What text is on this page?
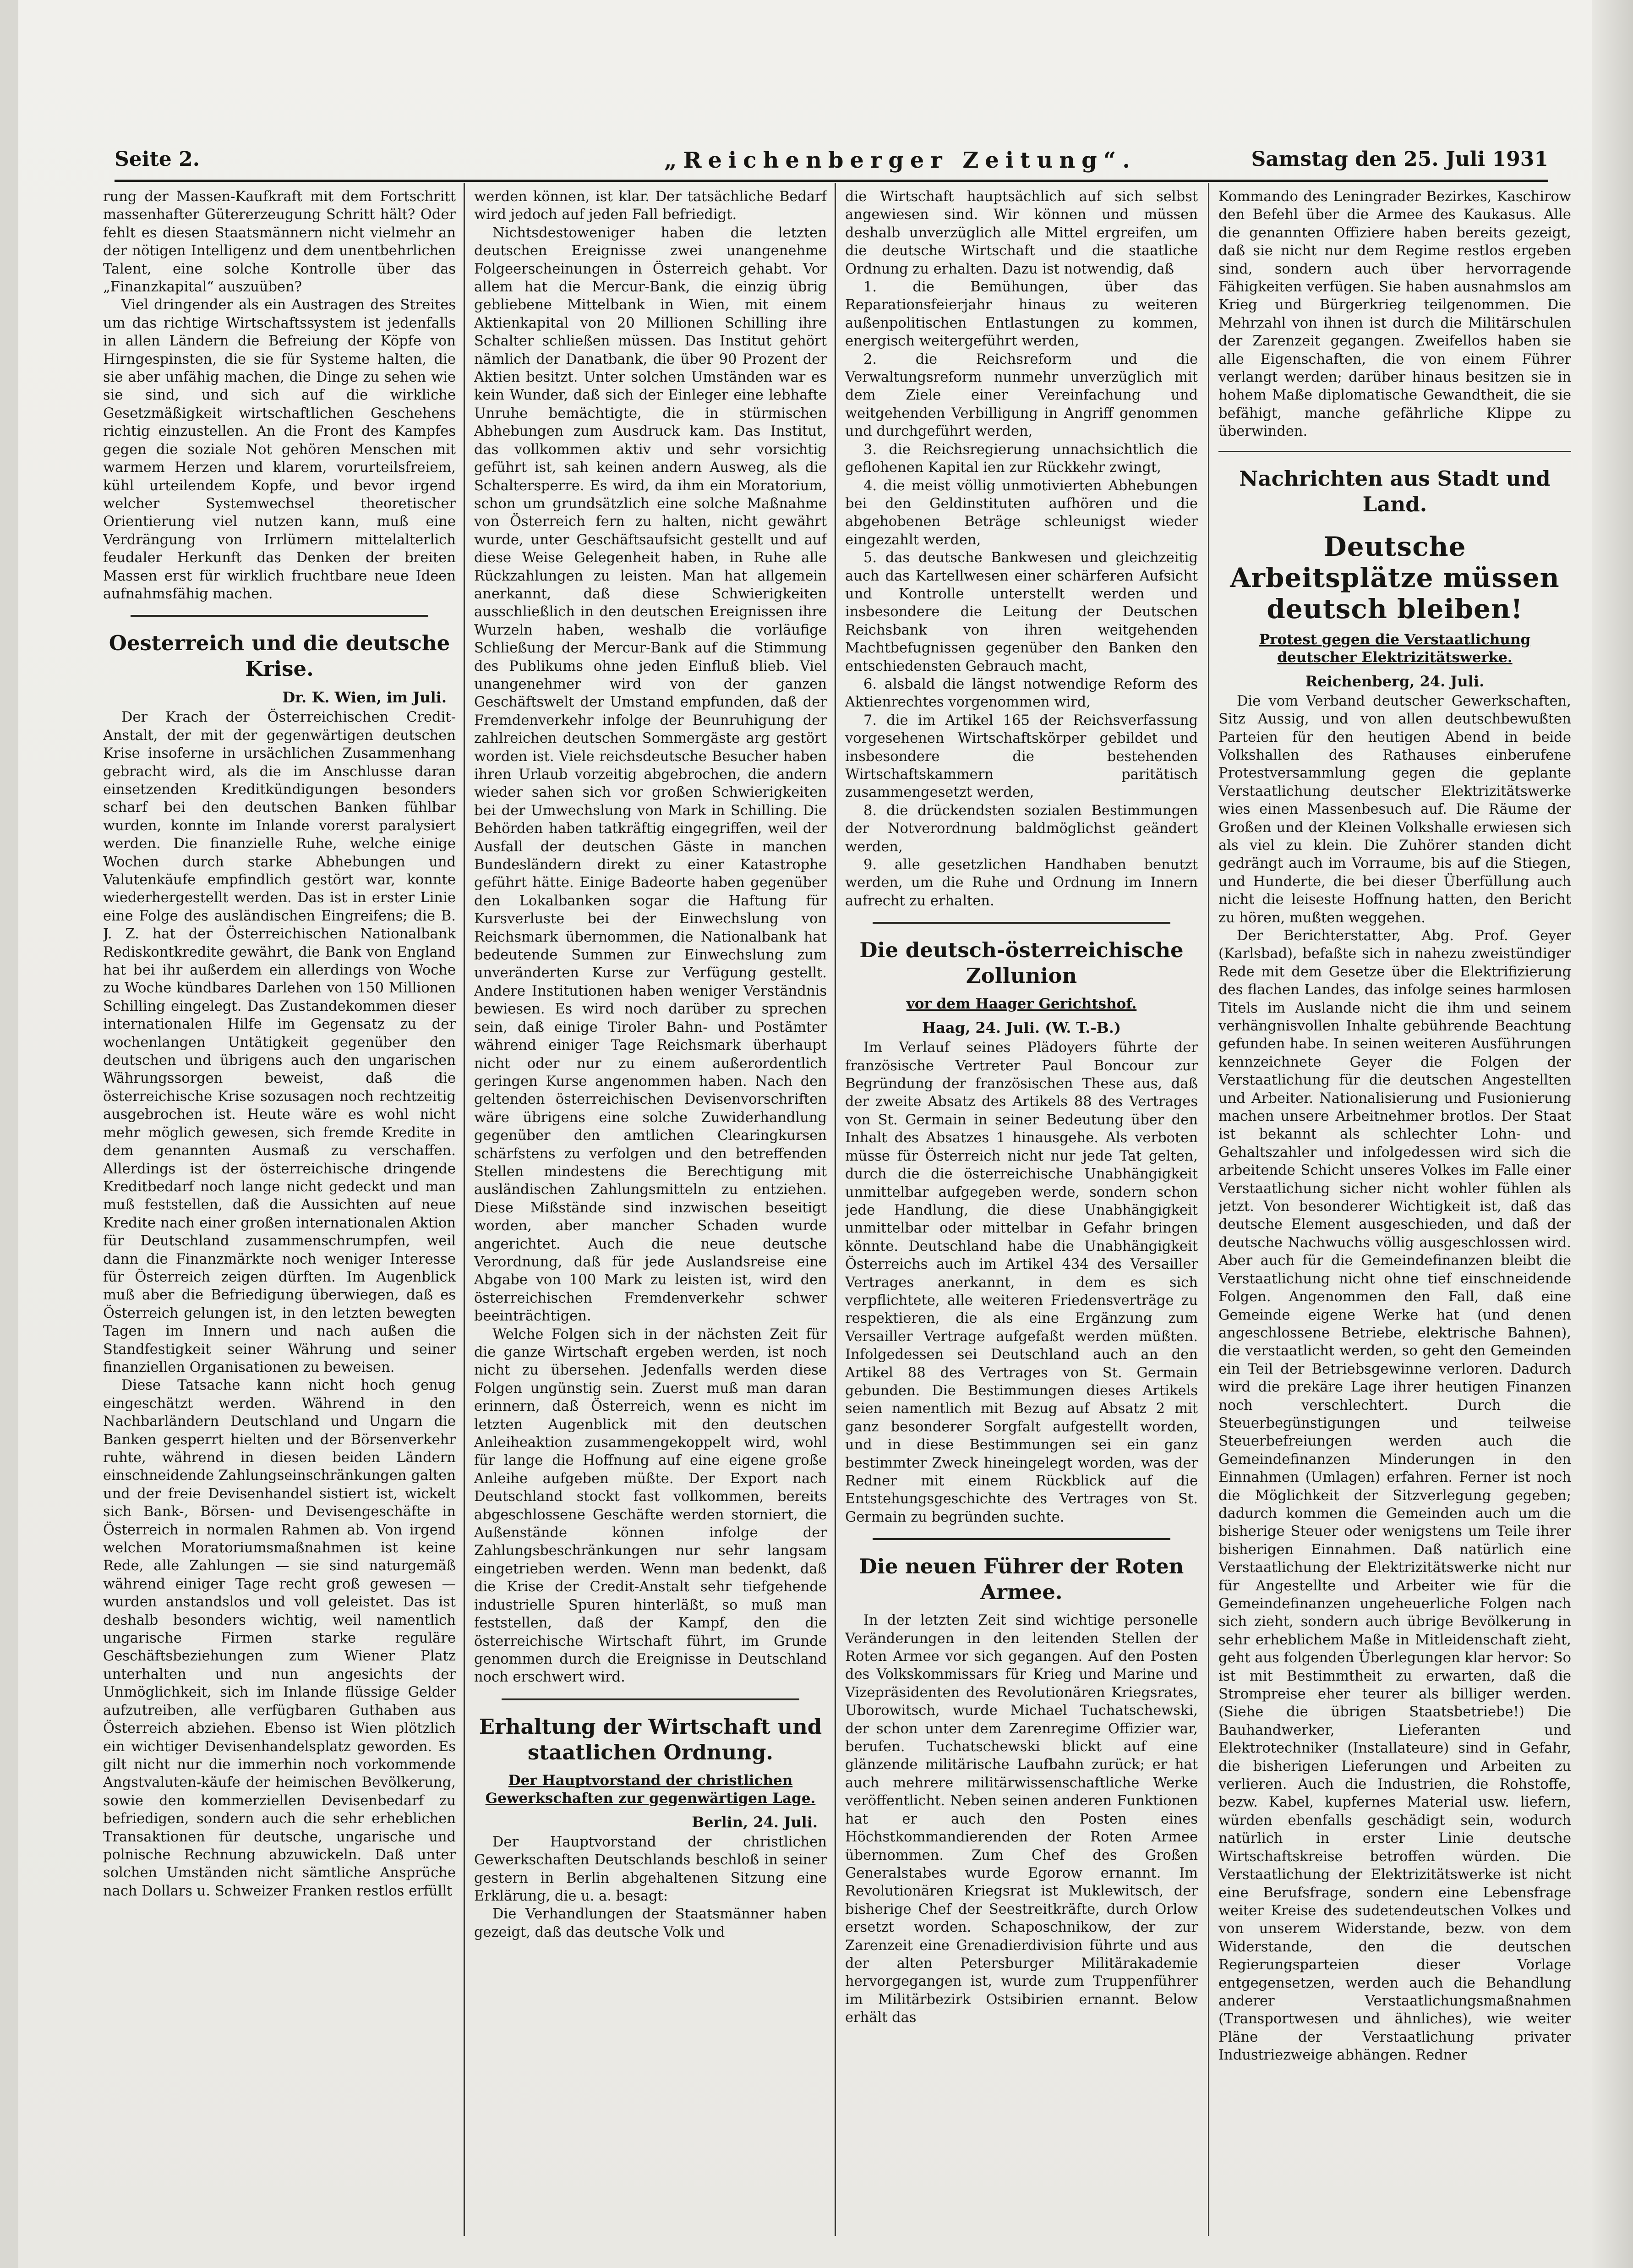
Seite 2.	„Reichenberger Zeitung“.	Samstag den 25. Juli 1931

rung der Massen-Kaufkraft mit dem Fortschritt massenhafter Gütererzeugung Schritt hält? Oder fehlt es diesen Staatsmännern nicht vielmehr an der nötigen Intelligenz und dem unentbehrlichen Talent, eine solche Kontrolle über das „Finanzkapital“ auszuüben?

Viel dringender als ein Austragen des Streites um das richtige Wirtschaftssystem ist jedenfalls in allen Ländern die Befreiung der Köpfe von Hirngespinsten, die sie für Systeme halten, die sie aber unfähig machen, die Dinge zu sehen wie sie sind, und sich auf die wirkliche Gesetzmäßigkeit wirtschaftlichen Geschehens richtig einzustellen. An die Front des Kampfes gegen die soziale Not gehören Menschen mit warmem Herzen und klarem, vorurteilsfreiem, kühl urteilendem Kopfe, und bevor irgend welcher Systemwechsel theoretischer Orientierung viel nutzen kann, muß eine Verdrängung von Irrlümern mittelalterlich feudaler Herkunft das Denken der breiten Massen erst für wirklich fruchtbare neue Ideen aufnahmsfähig machen.

Oesterreich und die deutsche Krise.
Dr. K. Wien, im Juli.

Der Krach der Österreichischen Credit-Anstalt, der mit der gegenwärtigen deutschen Krise insoferne in ursächlichen Zusammenhang gebracht wird, als die im Anschlusse daran einsetzenden Kreditkündigungen besonders scharf bei den deutschen Banken fühlbar wurden, konnte im Inlande vorerst paralysiert werden. Die finanzielle Ruhe, welche einige Wochen durch starke Abhebungen und Valutenkäufe empfindlich gestört war, konnte wiederhergestellt werden. Das ist in erster Linie eine Folge des ausländischen Eingreifens; die B. J. Z. hat der Österreichischen Nationalbank Rediskontkredite gewährt, die Bank von England hat bei ihr außerdem ein allerdings von Woche zu Woche kündbares Darlehen von 150 Millionen Schilling eingelegt. Das Zustandekommen dieser internationalen Hilfe im Gegensatz zu der wochenlangen Untätigkeit gegenüber den deutschen und übrigens auch den ungarischen Währungssorgen beweist, daß die österreichische Krise sozusagen noch rechtzeitig ausgebrochen ist. Heute wäre es wohl nicht mehr möglich gewesen, sich fremde Kredite in dem genannten Ausmaß zu verschaffen. Allerdings ist der österreichische dringende Kreditbedarf noch lange nicht gedeckt und man muß feststellen, daß die Aussichten auf neue Kredite nach einer großen internationalen Aktion für Deutschland zusammenschrumpfen, weil dann die Finanzmärkte noch weniger Interesse für Österreich zeigen dürften. Im Augenblick muß aber die Befriedigung überwiegen, daß es Österreich gelungen ist, in den letzten bewegten Tagen im Innern und nach außen die Standfestigkeit seiner Währung und seiner finanziellen Organisationen zu beweisen.

Diese Tatsache kann nicht hoch genug eingeschätzt werden. Während in den Nachbarländern Deutschland und Ungarn die Banken gesperrt hielten und der Börsenverkehr ruhte, während in diesen beiden Ländern einschneidende Zahlungseinschränkungen galten und der freie Devisenhandel sistiert ist, wickelt sich Bank-, Börsen- und Devisengeschäfte in Österreich in normalen Rahmen ab. Von irgend welchen Moratoriumsmaßnahmen ist keine Rede, alle Zahlungen — sie sind naturgemäß während einiger Tage recht groß gewesen — wurden anstandslos und voll geleistet. Das ist deshalb besonders wichtig, weil namentlich ungarische Firmen starke reguläre Geschäftsbeziehungen zum Wiener Platz unterhalten und nun angesichts der Unmöglichkeit, sich im Inlande flüssige Gelder aufzutreiben, alle verfügbaren Guthaben aus Österreich abziehen. Ebenso ist Wien plötzlich ein wichtiger Devisenhandelsplatz geworden. Es gilt nicht nur die immerhin noch vorkommende Angstvaluten-käufe der heimischen Bevölkerung, sowie den kommerziellen Devisenbedarf zu befriedigen, sondern auch die sehr erheblichen Transaktionen für deutsche, ungarische und polnische Rechnung abzuwickeln. Daß unter solchen Umständen nicht sämtliche Ansprüche nach Dollars u. Schweizer Franken restlos erfüllt

werden können, ist klar. Der tatsächliche Bedarf wird jedoch auf jeden Fall befriedigt.

Nichtsdestoweniger haben die letzten deutschen Ereignisse zwei unangenehme Folgeerscheinungen in Österreich gehabt. Vor allem hat die Mercur-Bank, die einzig übrig gebliebene Mittelbank in Wien, mit einem Aktienkapital von 20 Millionen Schilling ihre Schalter schließen müssen. Das Institut gehört nämlich der Danatbank, die über 90 Prozent der Aktien besitzt. Unter solchen Umständen war es kein Wunder, daß sich der Einleger eine lebhafte Unruhe bemächtigte, die in stürmischen Abhebungen zum Ausdruck kam. Das Institut, das vollkommen aktiv und sehr vorsichtig geführt ist, sah keinen andern Ausweg, als die Schaltersperre. Es wird, da ihm ein Moratorium, schon um grundsätzlich eine solche Maßnahme von Österreich fern zu halten, nicht gewährt wurde, unter Geschäftsaufsicht gestellt und auf diese Weise Gelegenheit haben, in Ruhe alle Rückzahlungen zu leisten. Man hat allgemein anerkannt, daß diese Schwierigkeiten ausschließlich in den deutschen Ereignissen ihre Wurzeln haben, weshalb die vorläufige Schließung der Mercur-Bank auf die Stimmung des Publikums ohne jeden Einfluß blieb. Viel unangenehmer wird von der ganzen Geschäftswelt der Umstand empfunden, daß der Fremdenverkehr infolge der Beunruhigung der zahlreichen deutschen Sommergäste arg gestört worden ist. Viele reichsdeutsche Besucher haben ihren Urlaub vorzeitig abgebrochen, die andern wieder sahen sich vor großen Schwierigkeiten bei der Umwechslung von Mark in Schilling. Die Behörden haben tatkräftig eingegriffen, weil der Ausfall der deutschen Gäste in manchen Bundesländern direkt zu einer Katastrophe geführt hätte. Einige Badeorte haben gegenüber den Lokalbanken sogar die Haftung für Kursverluste bei der Einwechslung von Reichsmark übernommen, die Nationalbank hat bedeutende Summen zur Einwechslung zum unveränderten Kurse zur Verfügung gestellt. Andere Institutionen haben weniger Verständnis bewiesen. Es wird noch darüber zu sprechen sein, daß einige Tiroler Bahn- und Postämter während einiger Tage Reichsmark überhaupt nicht oder nur zu einem außerordentlich geringen Kurse angenommen haben. Nach den geltenden österreichischen Devisenvorschriften wäre übrigens eine solche Zuwiderhandlung gegenüber den amtlichen Clearingkursen schärfstens zu verfolgen und den betreffenden Stellen mindestens die Berechtigung mit ausländischen Zahlungsmitteln zu entziehen. Diese Mißstände sind inzwischen beseitigt worden, aber mancher Schaden wurde angerichtet. Auch die neue deutsche Verordnung, daß für jede Auslandsreise eine Abgabe von 100 Mark zu leisten ist, wird den österreichischen Fremdenverkehr schwer beeinträchtigen.

Welche Folgen sich in der nächsten Zeit für die ganze Wirtschaft ergeben werden, ist noch nicht zu übersehen. Jedenfalls werden diese Folgen ungünstig sein. Zuerst muß man daran erinnern, daß Österreich, wenn es nicht im letzten Augenblick mit den deutschen Anleiheaktion zusammengekoppelt wird, wohl für lange die Hoffnung auf eine eigene große Anleihe aufgeben müßte. Der Export nach Deutschland stockt fast vollkommen, bereits abgeschlossene Geschäfte werden storniert, die Außenstände können infolge der Zahlungsbeschränkungen nur sehr langsam eingetrieben werden. Wenn man bedenkt, daß die Krise der Credit-Anstalt sehr tiefgehende industrielle Spuren hinterläßt, so muß man feststellen, daß der Kampf, den die österreichische Wirtschaft führt, im Grunde genommen durch die Ereignisse in Deutschland noch erschwert wird.

Erhaltung der Wirtschaft und staatlichen Ordnung.
Der Hauptvorstand der christlichen Gewerkschaften zur gegenwärtigen Lage.
Berlin, 24. Juli.

Der Hauptvorstand der christlichen Gewerkschaften Deutschlands beschloß in seiner gestern in Berlin abgehaltenen Sitzung eine Erklärung, die u. a. besagt:

Die Verhandlungen der Staatsmänner haben gezeigt, daß das deutsche Volk und

die Wirtschaft hauptsächlich auf sich selbst angewiesen sind. Wir können und müssen deshalb unverzüglich alle Mittel ergreifen, um die deutsche Wirtschaft und die staatliche Ordnung zu erhalten. Dazu ist notwendig, daß

1. die Bemühungen, über das Reparationsfeierjahr hinaus zu weiteren außenpolitischen Entlastungen zu kommen, energisch weitergeführt werden,

2. die Reichsreform und die Verwaltungsreform nunmehr unverzüglich mit dem Ziele einer Vereinfachung und weitgehenden Verbilligung in Angriff genommen und durchgeführt werden,

3. die Reichsregierung unnachsichtlich die geflohenen Kapital ien zur Rückkehr zwingt,

4. die meist völlig unmotivierten Abhebungen bei den Geldinstituten aufhören und die abgehobenen Beträge schleunigst wieder eingezahlt werden,

5. das deutsche Bankwesen und gleichzeitig auch das Kartellwesen einer schärferen Aufsicht und Kontrolle unterstellt werden und insbesondere die Leitung der Deutschen Reichsbank von ihren weitgehenden Machtbefugnissen gegenüber den Banken den entschiedensten Gebrauch macht,

6. alsbald die längst notwendige Reform des Aktienrechtes vorgenommen wird,

7. die im Artikel 165 der Reichsverfassung vorgesehenen Wirtschaftskörper gebildet und insbesondere die bestehenden Wirtschaftskammern paritätisch zusammengesetzt werden,

8. die drückendsten sozialen Bestimmungen der Notverordnung baldmöglichst geändert werden,

9. alle gesetzlichen Handhaben benutzt werden, um die Ruhe und Ordnung im Innern aufrecht zu erhalten.

Die deutsch-österreichische Zollunion
vor dem Haager Gerichtshof.
Haag, 24. Juli. (W. T.-B.)

Im Verlauf seines Plädoyers führte der französische Vertreter Paul Boncour zur Begründung der französischen These aus, daß der zweite Absatz des Artikels 88 des Vertrages von St. Germain in seiner Bedeutung über den Inhalt des Absatzes 1 hinausgehe. Als verboten müsse für Österreich nicht nur jede Tat gelten, durch die die österreichische Unabhängigkeit unmittelbar aufgegeben werde, sondern schon jede Handlung, die diese Unabhängigkeit unmittelbar oder mittelbar in Gefahr bringen könnte. Deutschland habe die Unabhängigkeit Österreichs auch im Artikel 434 des Versailler Vertrages anerkannt, in dem es sich verpflichtete, alle weiteren Friedensverträge zu respektieren, die als eine Ergänzung zum Versailler Vertrage aufgefaßt werden müßten. Infolgedessen sei Deutschland auch an den Artikel 88 des Vertrages von St. Germain gebunden. Die Bestimmungen dieses Artikels seien namentlich mit Bezug auf Absatz 2 mit ganz besonderer Sorgfalt aufgestellt worden, und in diese Bestimmungen sei ein ganz bestimmter Zweck hineingelegt worden, was der Redner mit einem Rückblick auf die Entstehungsgeschichte des Vertrages von St. Germain zu begründen suchte.

Die neuen Führer der Roten Armee.

In der letzten Zeit sind wichtige personelle Veränderungen in den leitenden Stellen der Roten Armee vor sich gegangen. Auf den Posten des Volkskommissars für Krieg und Marine und Vizepräsidenten des Revolutionären Kriegsrates, Uborowitsch, wurde Michael Tuchatschewski, der schon unter dem Zarenregime Offizier war, berufen. Tuchatschewski blickt auf eine glänzende militärische Laufbahn zurück; er hat auch mehrere militärwissenschaftliche Werke veröffentlicht. Neben seinen anderen Funktionen hat er auch den Posten eines Höchstkommandierenden der Roten Armee übernommen. Zum Chef des Großen Generalstabes wurde Egorow ernannt. Im Revolutionären Kriegsrat ist Muklewitsch, der bisherige Chef der Seestreitkräfte, durch Orlow ersetzt worden. Schaposchnikow, der zur Zarenzeit eine Grenadierdivision führte und aus der alten Petersburger Militärakademie hervorgegangen ist, wurde zum Truppenführer im Militärbezirk Ostsibirien ernannt. Below erhält das

Kommando des Leningrader Bezirkes, Kaschirow den Befehl über die Armee des Kaukasus. Alle die genannten Offiziere haben bereits gezeigt, daß sie nicht nur dem Regime restlos ergeben sind, sondern auch über hervorragende Fähigkeiten verfügen. Sie haben ausnahmslos am Krieg und Bürgerkrieg teilgenommen. Die Mehrzahl von ihnen ist durch die Militärschulen der Zarenzeit gegangen. Zweifellos haben sie alle Eigenschaften, die von einem Führer verlangt werden; darüber hinaus besitzen sie in hohem Maße diplomatische Gewandtheit, die sie befähigt, manche gefährliche Klippe zu überwinden.

Nachrichten aus Stadt und Land.
Deutsche Arbeitsplätze müssen deutsch bleiben!
Protest gegen die Verstaatlichung deutscher Elektrizitätswerke.
Reichenberg, 24. Juli.

Die vom Verband deutscher Gewerkschaften, Sitz Aussig, und von allen deutschbewußten Parteien für den heutigen Abend in beide Volkshallen des Rathauses einberufene Protestversammlung gegen die geplante Verstaatlichung deutscher Elektrizitätswerke wies einen Massenbesuch auf. Die Räume der Großen und der Kleinen Volkshalle erwiesen sich als viel zu klein. Die Zuhörer standen dicht gedrängt auch im Vorraume, bis auf die Stiegen, und Hunderte, die bei dieser Überfüllung auch nicht die leiseste Hoffnung hatten, den Bericht zu hören, mußten weggehen.

Der Berichterstatter, Abg. Prof. Geyer (Karlsbad), befaßte sich in nahezu zweistündiger Rede mit dem Gesetze über die Elektrifizierung des flachen Landes, das infolge seines harmlosen Titels im Auslande nicht die ihm und seinem verhängnisvollen Inhalte gebührende Beachtung gefunden habe. In seinen weiteren Ausführungen kennzeichnete Geyer die Folgen der Verstaatlichung für die deutschen Angestellten und Arbeiter. Nationalisierung und Fusionierung machen unsere Arbeitnehmer brotlos. Der Staat ist bekannt als schlechter Lohn- und Gehaltszahler und infolgedessen wird sich die arbeitende Schicht unseres Volkes im Falle einer Verstaatlichung sicher nicht wohler fühlen als jetzt. Von besonderer Wichtigkeit ist, daß das deutsche Element ausgeschieden, und daß der deutsche Nachwuchs völlig ausgeschlossen wird. Aber auch für die Gemeindefinanzen bleibt die Verstaatlichung nicht ohne tief einschneidende Folgen. Angenommen den Fall, daß eine Gemeinde eigene Werke hat (und denen angeschlossene Betriebe, elektrische Bahnen), die verstaatlicht werden, so geht den Gemeinden ein Teil der Betriebsgewinne verloren. Dadurch wird die prekäre Lage ihrer heutigen Finanzen noch verschlechtert. Durch die Steuerbegünstigungen und teilweise Steuerbefreiungen werden auch die Gemeindefinanzen Minderungen in den Einnahmen (Umlagen) erfahren. Ferner ist noch die Möglichkeit der Sitzverlegung gegeben; dadurch kommen die Gemeinden auch um die bisherige Steuer oder wenigstens um Teile ihrer bisherigen Einnahmen. Daß natürlich eine Verstaatlichung der Elektrizitätswerke nicht nur für Angestellte und Arbeiter wie für die Gemeindefinanzen ungeheuerliche Folgen nach sich zieht, sondern auch übrige Bevölkerung in sehr erheblichem Maße in Mitleidenschaft zieht, geht aus folgenden Überlegungen klar hervor: So ist mit Bestimmtheit zu erwarten, daß die Strompreise eher teurer als billiger werden. (Siehe die übrigen Staatsbetriebe!) Die Bauhandwerker, Lieferanten und Elektrotechniker (Installateure) sind in Gefahr, die bisherigen Lieferungen und Arbeiten zu verlieren. Auch die Industrien, die Rohstoffe, bezw. Kabel, kupfernes Material usw. liefern, würden ebenfalls geschädigt sein, wodurch natürlich in erster Linie deutsche Wirtschaftskreise betroffen würden. Die Verstaatlichung der Elektrizitätswerke ist nicht eine Berufsfrage, sondern eine Lebensfrage weiter Kreise des sudetendeutschen Volkes und von unserem Widerstande, bezw. von dem Widerstande, den die deutschen Regierungsparteien dieser Vorlage entgegensetzen, werden auch die Behandlung anderer Verstaatlichungsmaßnahmen (Transportwesen und ähnliches), wie weiter Pläne der Verstaatlichung privater Industriezweige abhängen. Redner
